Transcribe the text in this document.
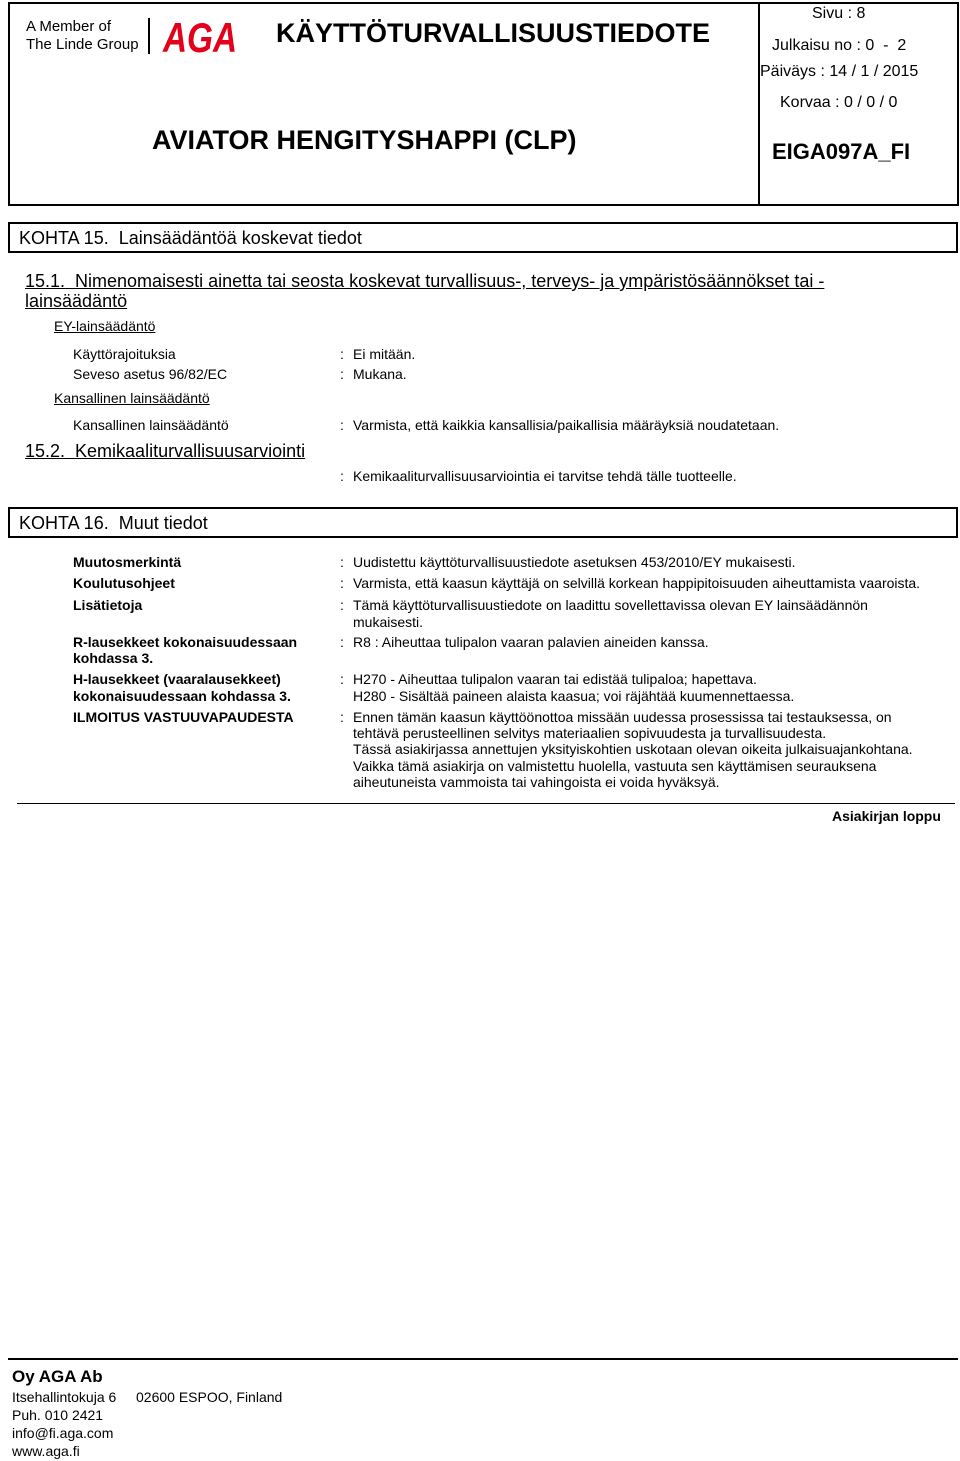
A Member of
The Linde Group AGA KÄYTTÖTURVALLISUUSTIEDOTE
AVIATOR HENGITYSHAPPI (CLP)
Sivu : 8
Julkaisu no : 0  -  2
Päiväys : 14 / 1 / 2015
Korvaa : 0 / 0 / 0
EIGA097A_FI
KOHTA 15.  Lainsäädäntöä koskevat tiedot
15.1.  Nimenomaisesti ainetta tai seosta koskevat turvallisuus-, terveys- ja ympäristösäännökset tai -
lainsäädäntö
EY-lainsäädäntö
Käyttörajoituksia	: Ei mitään.
Seveso asetus 96/82/EC	: Mukana.
Kansallinen lainsäädäntö
Kansallinen lainsäädäntö	: Varmista, että kaikkia kansallisia/paikallisia määräyksiä noudatetaan.
15.2.  Kemikaaliturvallisuusarviointi
: Kemikaaliturvallisuusarviointia ei tarvitse tehdä tälle tuotteelle.
KOHTA 16.  Muut tiedot
Muutosmerkintä	: Uudistettu käyttöturvallisuustiedote asetuksen 453/2010/EY mukaisesti.
Koulutusohjeet	: Varmista, että kaasun käyttäjä on selvillä korkean happipitoisuuden aiheuttamista vaaroista.
Lisätietoja	: Tämä käyttöturvallisuustiedote on laadittu sovellettavissa olevan EY lainsäädännön
mukaisesti.
R-lausekkeet kokonaisuudessaan
kohdassa 3.
: R8 : Aiheuttaa tulipalon vaaran palavien aineiden kanssa.
H-lausekkeet (vaaralausekkeet)
kokonaisuudessaan kohdassa 3.
: H270 - Aiheuttaa tulipalon vaaran tai edistää tulipaloa; hapettava.
H280 - Sisältää paineen alaista kaasua; voi räjähtää kuumennettaessa.
ILMOITUS VASTUUVAPAUDESTA	: Ennen tämän kaasun käyttöönottoa missään uudessa prosessissa tai testauksessa, on
tehtävä perusteellinen selvitys materiaalien sopivuudesta ja turvallisuudesta.
Tässä asiakirjassa annettujen yksityiskohtien uskotaan olevan oikeita julkaisuajankohtana.
Vaikka tämä asiakirja on valmistettu huolella, vastuuta sen käyttämisen seurauksena
aiheutuneista vammoista tai vahingoista ei voida hyväksyä.
Asiakirjan loppu
Oy AGA Ab
Itsehallintokuja 6 02600 ESPOO, Finland
Puh. 010 2421
info@fi.aga.com
www.aga.fi
